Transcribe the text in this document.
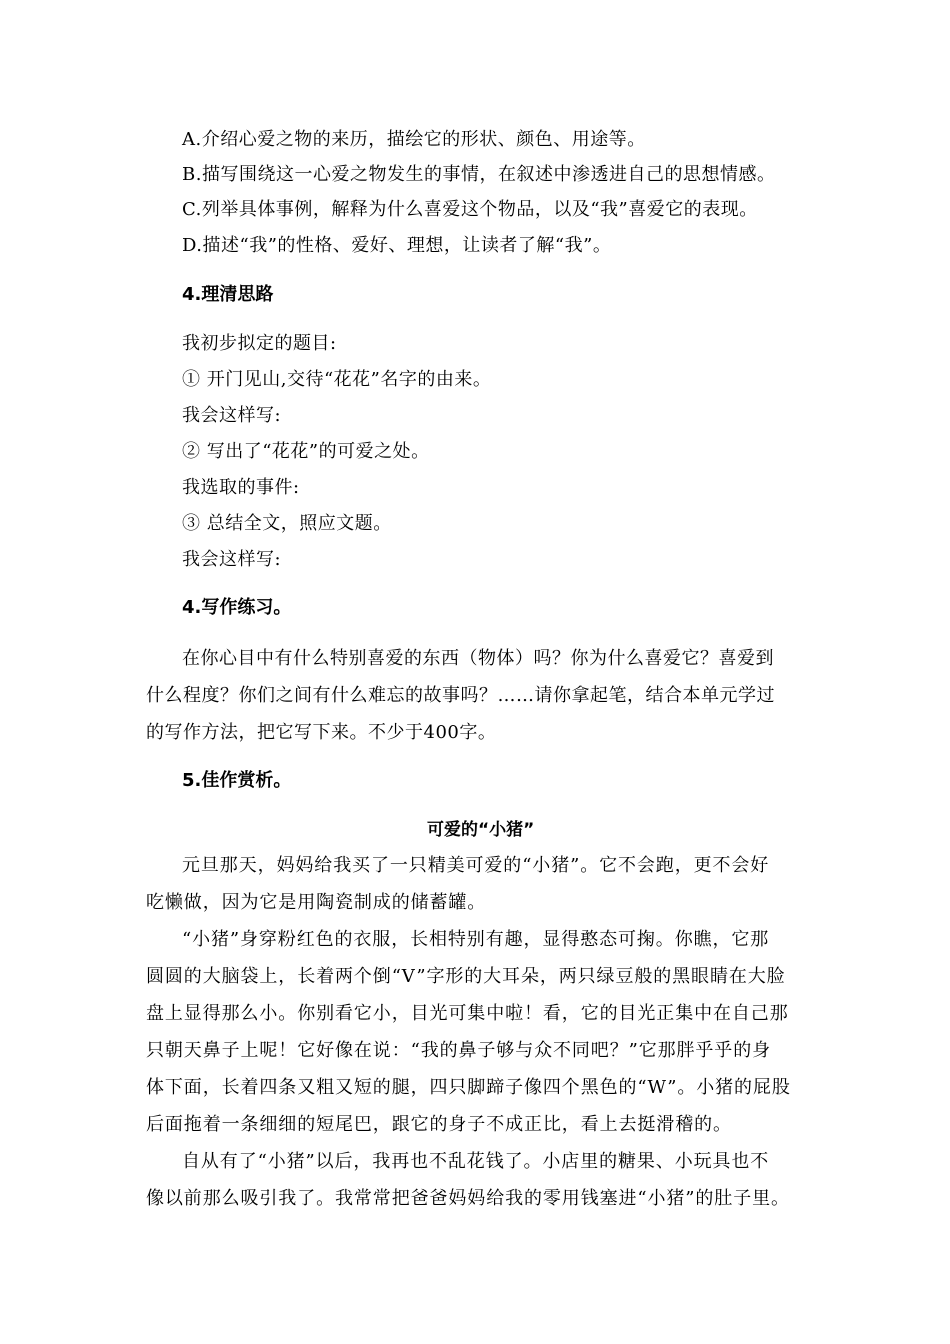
A.介绍心爱之物的来历，描绘它的形状、颜色、用途等。
B.描写围绕这一心爱之物发生的事情，在叙述中渗透进自己的思想情感。
C.列举具体事例，解释为什么喜爱这个物品，以及“我”喜爱它的表现。
D.描述“我”的性格、爱好、理想，让读者了解“我”。
4.理清思路
我初步拟定的题目:
① 开门见山,交待“花花”名字的由来。
我会这样写:
② 写出了“花花”的可爱之处。
我选取的事件:
③ 总结全文，照应文题。
我会这样写:
4.写作练习。
在你心目中有什么特别喜爱的东西（物体）吗？你为什么喜爱它？喜爱到
什么程度？你们之间有什么难忘的故事吗？……请你拿起笔，结合本单元学过
的写作方法，把它写下来。不少于400字。
5.佳作赏析。
可爱的“小猪”
元旦那天，妈妈给我买了一只精美可爱的“小猪”。它不会跑，更不会好
吃懒做，因为它是用陶瓷制成的储蓄罐。
“小猪”身穿粉红色的衣服，长相特别有趣，显得憨态可掬。你瞧，它那
圆圆的大脑袋上，长着两个倒“V”字形的大耳朵，两只绿豆般的黑眼睛在大脸
盘上显得那么小。你别看它小，目光可集中啦！看，它的目光正集中在自己那
只朝天鼻子上呢！它好像在说：“我的鼻子够与众不同吧？”它那胖乎乎的身
体下面，长着四条又粗又短的腿，四只脚蹄子像四个黑色的“W”。小猪的屁股
后面拖着一条细细的短尾巴，跟它的身子不成正比，看上去挺滑稽的。
自从有了“小猪”以后，我再也不乱花钱了。小店里的糖果、小玩具也不
像以前那么吸引我了。我常常把爸爸妈妈给我的零用钱塞进“小猪”的肚子里。
